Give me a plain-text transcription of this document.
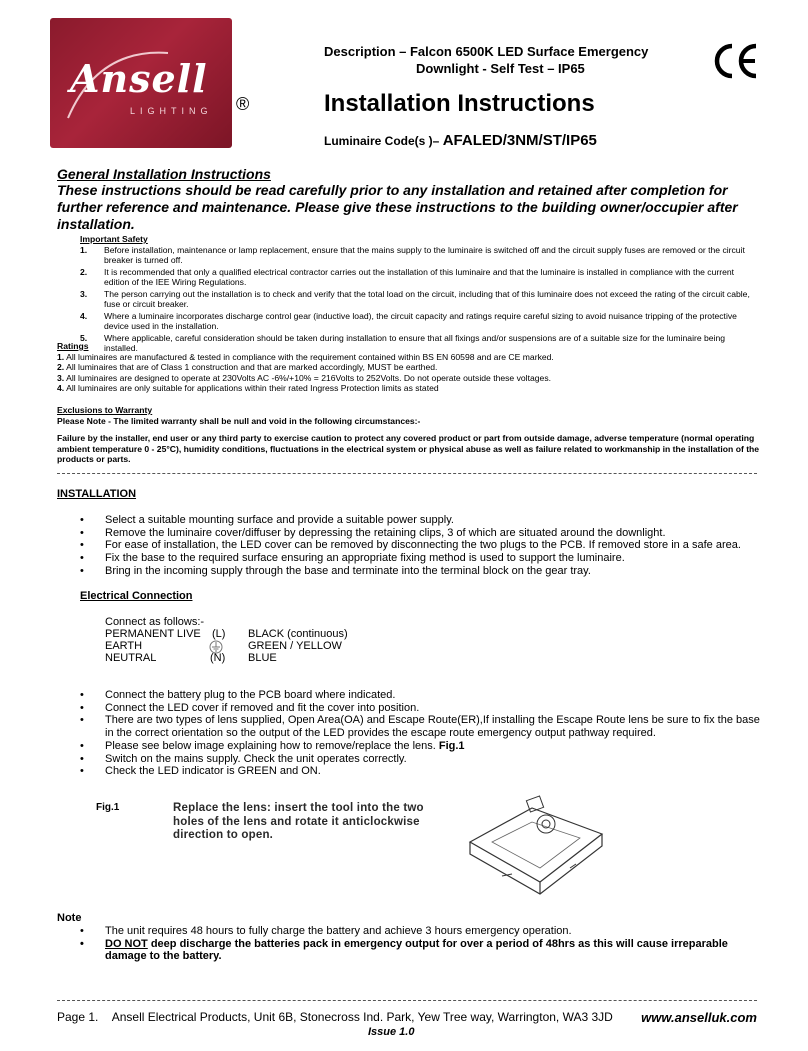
Ansell
LIGHTING ®
Description – Falcon 6500K LED Surface Emergency
Downlight - Self Test – IP65
Installation Instructions
Luminaire Code(s )– AFALED/3NM/ST/IP65
General Installation Instructions
These instructions should be read carefully prior to any installation and retained after completion for further reference and maintenance. Please give these instructions to the building owner/occupier after installation.
Important Safety
1.	Before installation, maintenance or lamp replacement, ensure that the mains supply to the luminaire is switched off and the circuit supply fuses are removed or the circuit breaker is turned off.
2.	It is recommended that only a qualified electrical contractor carries out the installation of this luminaire and that the luminaire is installed in compliance with the current edition of the IEE Wiring Regulations.
3.	The person carrying out the installation is to check and verify that the total load on the circuit, including that of this luminaire does not exceed the rating of the circuit cable, fuse or circuit breaker.
4.	Where a luminaire incorporates discharge control gear (inductive load), the circuit capacity and ratings require careful sizing to avoid nuisance tripping of the protective device used in the installation.
5.	Where applicable, careful consideration should be taken during installation to ensure that all fixings and/or suspensions are of a suitable size for the luminaire being installed.
Ratings
1. All luminaires are manufactured & tested in compliance with the requirement contained within BS EN 60598 and are CE marked.
2. All luminaires that are of Class 1 construction and that are marked accordingly, MUST be earthed.
3. All luminaires are designed to operate at 230Volts AC -6%/+10% = 216Volts to 252Volts. Do not operate outside these voltages.
4. All luminaires are only suitable for applications within their rated Ingress Protection limits as stated
Exclusions to Warranty
Please Note - The limited warranty shall be null and void in the following circumstances:-
Failure by the installer, end user or any third party to exercise caution to protect any covered product or part from outside damage, adverse temperature (normal operating ambient temperature 0 - 25°C), humidity conditions, fluctuations in the electrical system or physical abuse as well as failure related to workmanship in the installation of the products or parts.
INSTALLATION
•	Select a suitable mounting surface and provide a suitable power supply.
•	Remove the luminaire cover/diffuser by depressing the retaining clips, 3 of which are situated around the downlight.
•	For ease of installation, the LED cover can be removed by disconnecting the two plugs to the PCB. If removed store in a safe area.
•	Fix the base to the required surface ensuring an appropriate fixing method is used to support the luminaire.
•	Bring in the incoming supply through the base and terminate into the terminal block on the gear tray.
Electrical Connection
Connect as follows:-
PERMANENT LIVE (L) BLACK (continuous)
EARTH	GREEN / YELLOW
NEUTRAL	(N) BLUE
•	Connect the battery plug to the PCB board where indicated.
•	Connect the LED cover if removed and fit the cover into position.
•	There are two types of lens supplied, Open Area(OA) and Escape Route(ER),If installing the Escape Route lens be sure to fix the base in the correct orientation so the output of the LED provides the escape route emergency output pathway required.
•	Please see below image explaining how to remove/replace the lens. Fig.1
•	Switch on the mains supply. Check the unit operates correctly.
•	Check the LED indicator is GREEN and ON.
Fig.1	Replace the lens: insert the tool into the two holes of the lens and rotate it anticlockwise direction to open.
Note
•	The unit requires 48 hours to fully charge the battery and achieve 3 hours emergency operation.
•	DO NOT deep discharge the batteries pack in emergency output for over a period of 48hrs as this will cause irreparable damage to the battery.
Page 1. Ansell Electrical Products, Unit 6B, Stonecross Ind. Park, Yew Tree way, Warrington, WA3 3JD www.anselluk.com
Issue 1.0
